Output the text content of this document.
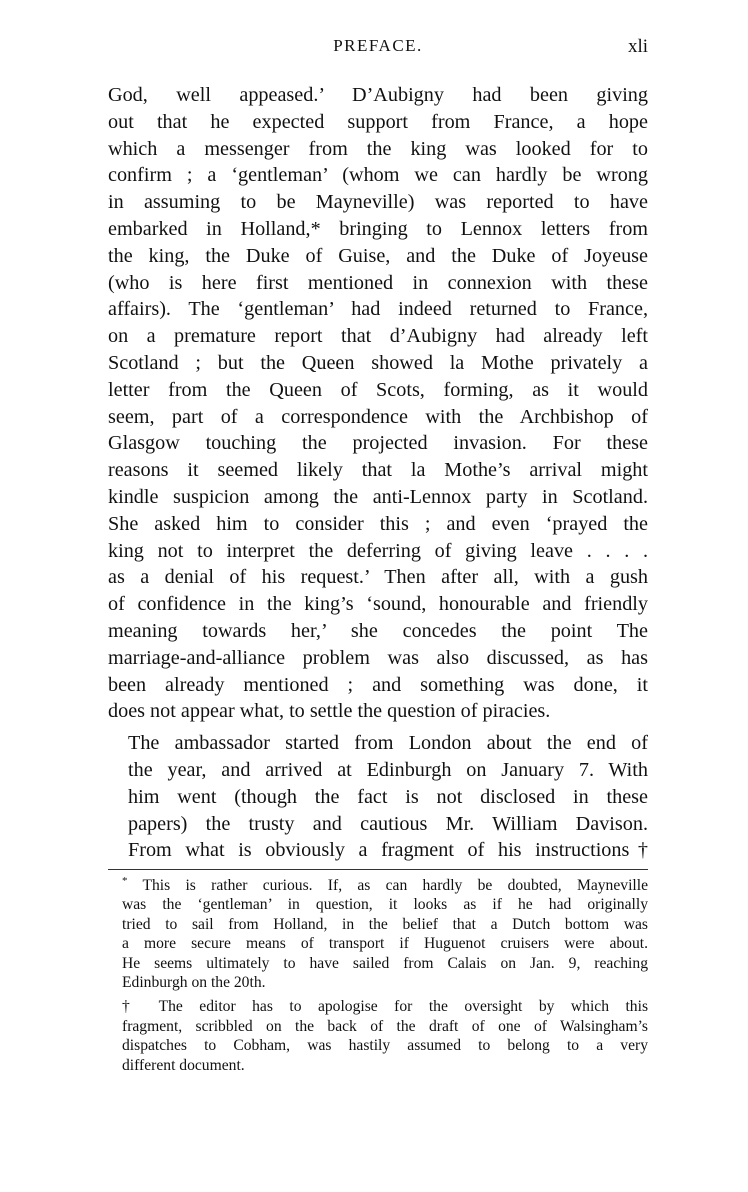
PREFACE.	xli

God, well appeased.’ D’Aubigny had been giving
out that he expected support from France, a hope
which a messenger from the king was looked for to
confirm ; a ‘gentleman’ (whom we can hardly be wrong
in assuming to be Mayneville) was reported to have
embarked in Holland,* bringing to Lennox letters from
the king, the Duke of Guise, and the Duke of Joyeuse
(who is here first mentioned in connexion with these
affairs). The ‘gentleman’ had indeed returned to France,
on a premature report that d’Aubigny had already left
Scotland ; but the Queen showed la Mothe privately a
letter from the Queen of Scots, forming, as it would
seem, part of a correspondence with the Archbishop of
Glasgow touching the projected invasion. For these
reasons it seemed likely that la Mothe’s arrival might
kindle suspicion among the anti-Lennox party in Scotland.
She asked him to consider this ; and even ‘prayed the
king not to interpret the deferring of giving leave . . . .
as a denial of his request.’ Then after all, with a gush
of confidence in the king’s ‘sound, honourable and friendly
meaning towards her,’ she concedes the point The
marriage-and-alliance problem was also discussed, as has
been already mentioned ; and something was done, it
does not appear what, to settle the question of piracies.

The ambassador started from London about the end of
the year, and arrived at Edinburgh on January 7. With
him went (though the fact is not disclosed in these
papers) the trusty and cautious Mr. William Davison.
From what is obviously a fragment of his instructions†

* This is rather curious. If, as can hardly be doubted, Mayneville
was the ‘gentleman’ in question, it looks as if he had originally
tried to sail from Holland, in the belief that a Dutch bottom was
a more secure means of transport if Huguenot cruisers were about.
He seems ultimately to have sailed from Calais on Jan. 9, reaching
Edinburgh on the 20th.

† The editor has to apologise for the oversight by which this
fragment, scribbled on the back of the draft of one of Walsingham’s
dispatches to Cobham, was hastily assumed to belong to a very
different document.
